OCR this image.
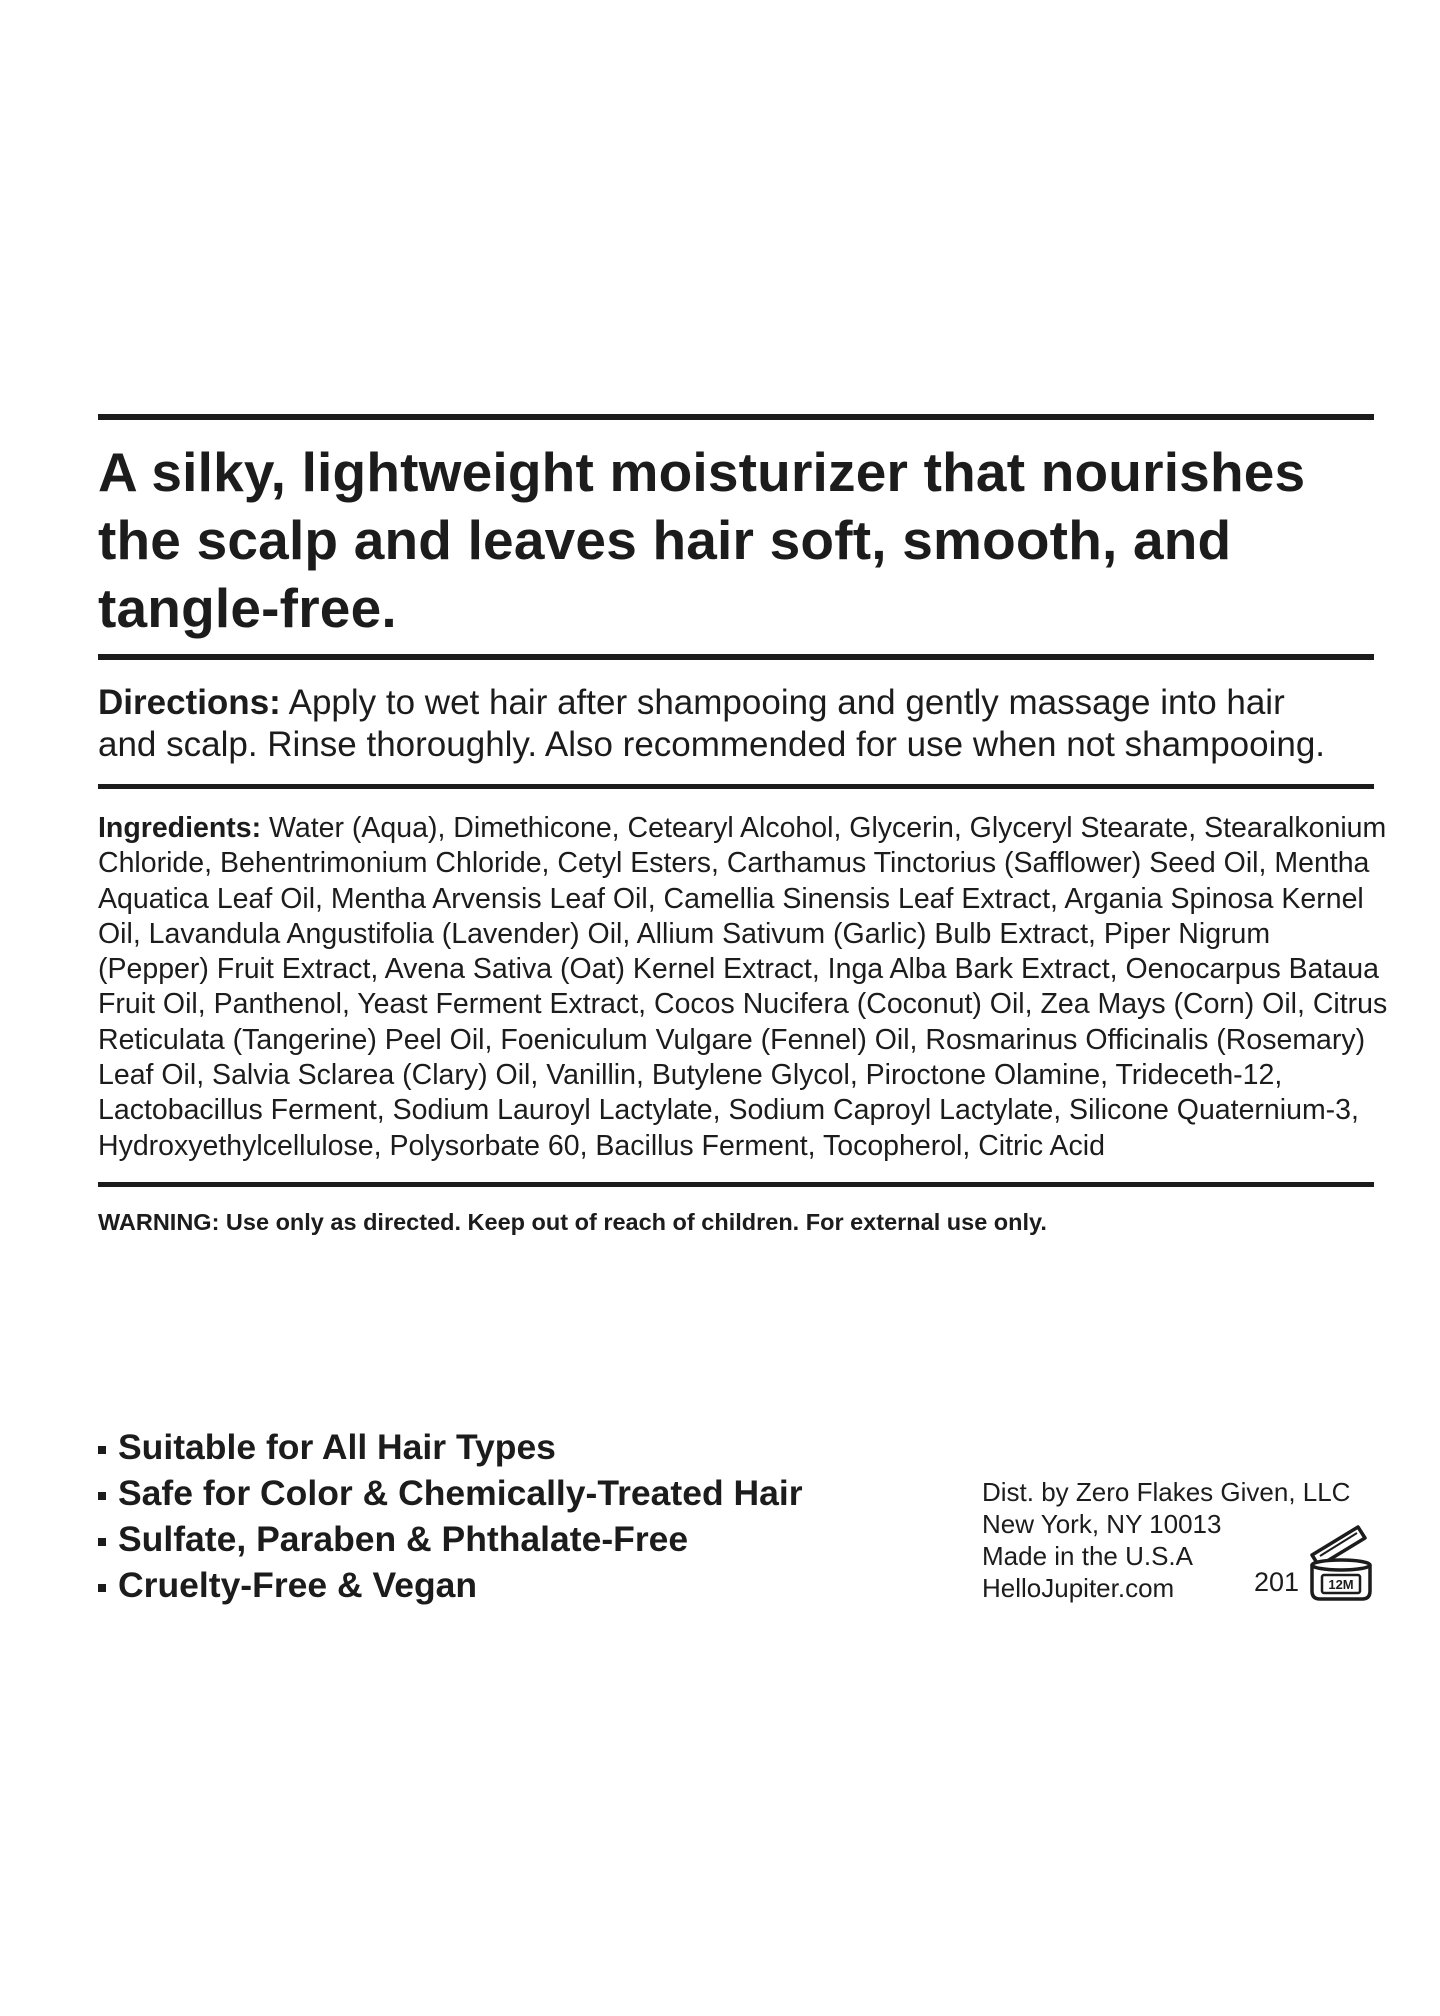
A silky, lightweight moisturizer that nourishes the scalp and leaves hair soft, smooth, and tangle-free.

Directions: Apply to wet hair after shampooing and gently massage into hair and scalp. Rinse thoroughly. Also recommended for use when not shampooing.

Ingredients: Water (Aqua), Dimethicone, Cetearyl Alcohol, Glycerin, Glyceryl Stearate, Stearalkonium Chloride, Behentrimonium Chloride, Cetyl Esters, Carthamus Tinctorius (Safflower) Seed Oil, Mentha Aquatica Leaf Oil, Mentha Arvensis Leaf Oil, Camellia Sinensis Leaf Extract, Argania Spinosa Kernel Oil, Lavandula Angustifolia (Lavender) Oil, Allium Sativum (Garlic) Bulb Extract, Piper Nigrum (Pepper) Fruit Extract, Avena Sativa (Oat) Kernel Extract, Inga Alba Bark Extract, Oenocarpus Bataua Fruit Oil, Panthenol, Yeast Ferment Extract, Cocos Nucifera (Coconut) Oil, Zea Mays (Corn) Oil, Citrus Reticulata (Tangerine) Peel Oil, Foeniculum Vulgare (Fennel) Oil, Rosmarinus Officinalis (Rosemary) Leaf Oil, Salvia Sclarea (Clary) Oil, Vanillin, Butylene Glycol, Piroctone Olamine, Trideceth-12, Lactobacillus Ferment, Sodium Lauroyl Lactylate, Sodium Caproyl Lactylate, Silicone Quaternium-3, Hydroxyethylcellulose, Polysorbate 60, Bacillus Ferment, Tocopherol, Citric Acid

WARNING: Use only as directed. Keep out of reach of children. For external use only.

Suitable for All Hair Types
Safe for Color & Chemically-Treated Hair
Sulfate, Paraben & Phthalate-Free
Cruelty-Free & Vegan
Dist. by Zero Flakes Given, LLC
New York, NY 10013
Made in the U.S.A
HelloJupiter.com	201 12M
